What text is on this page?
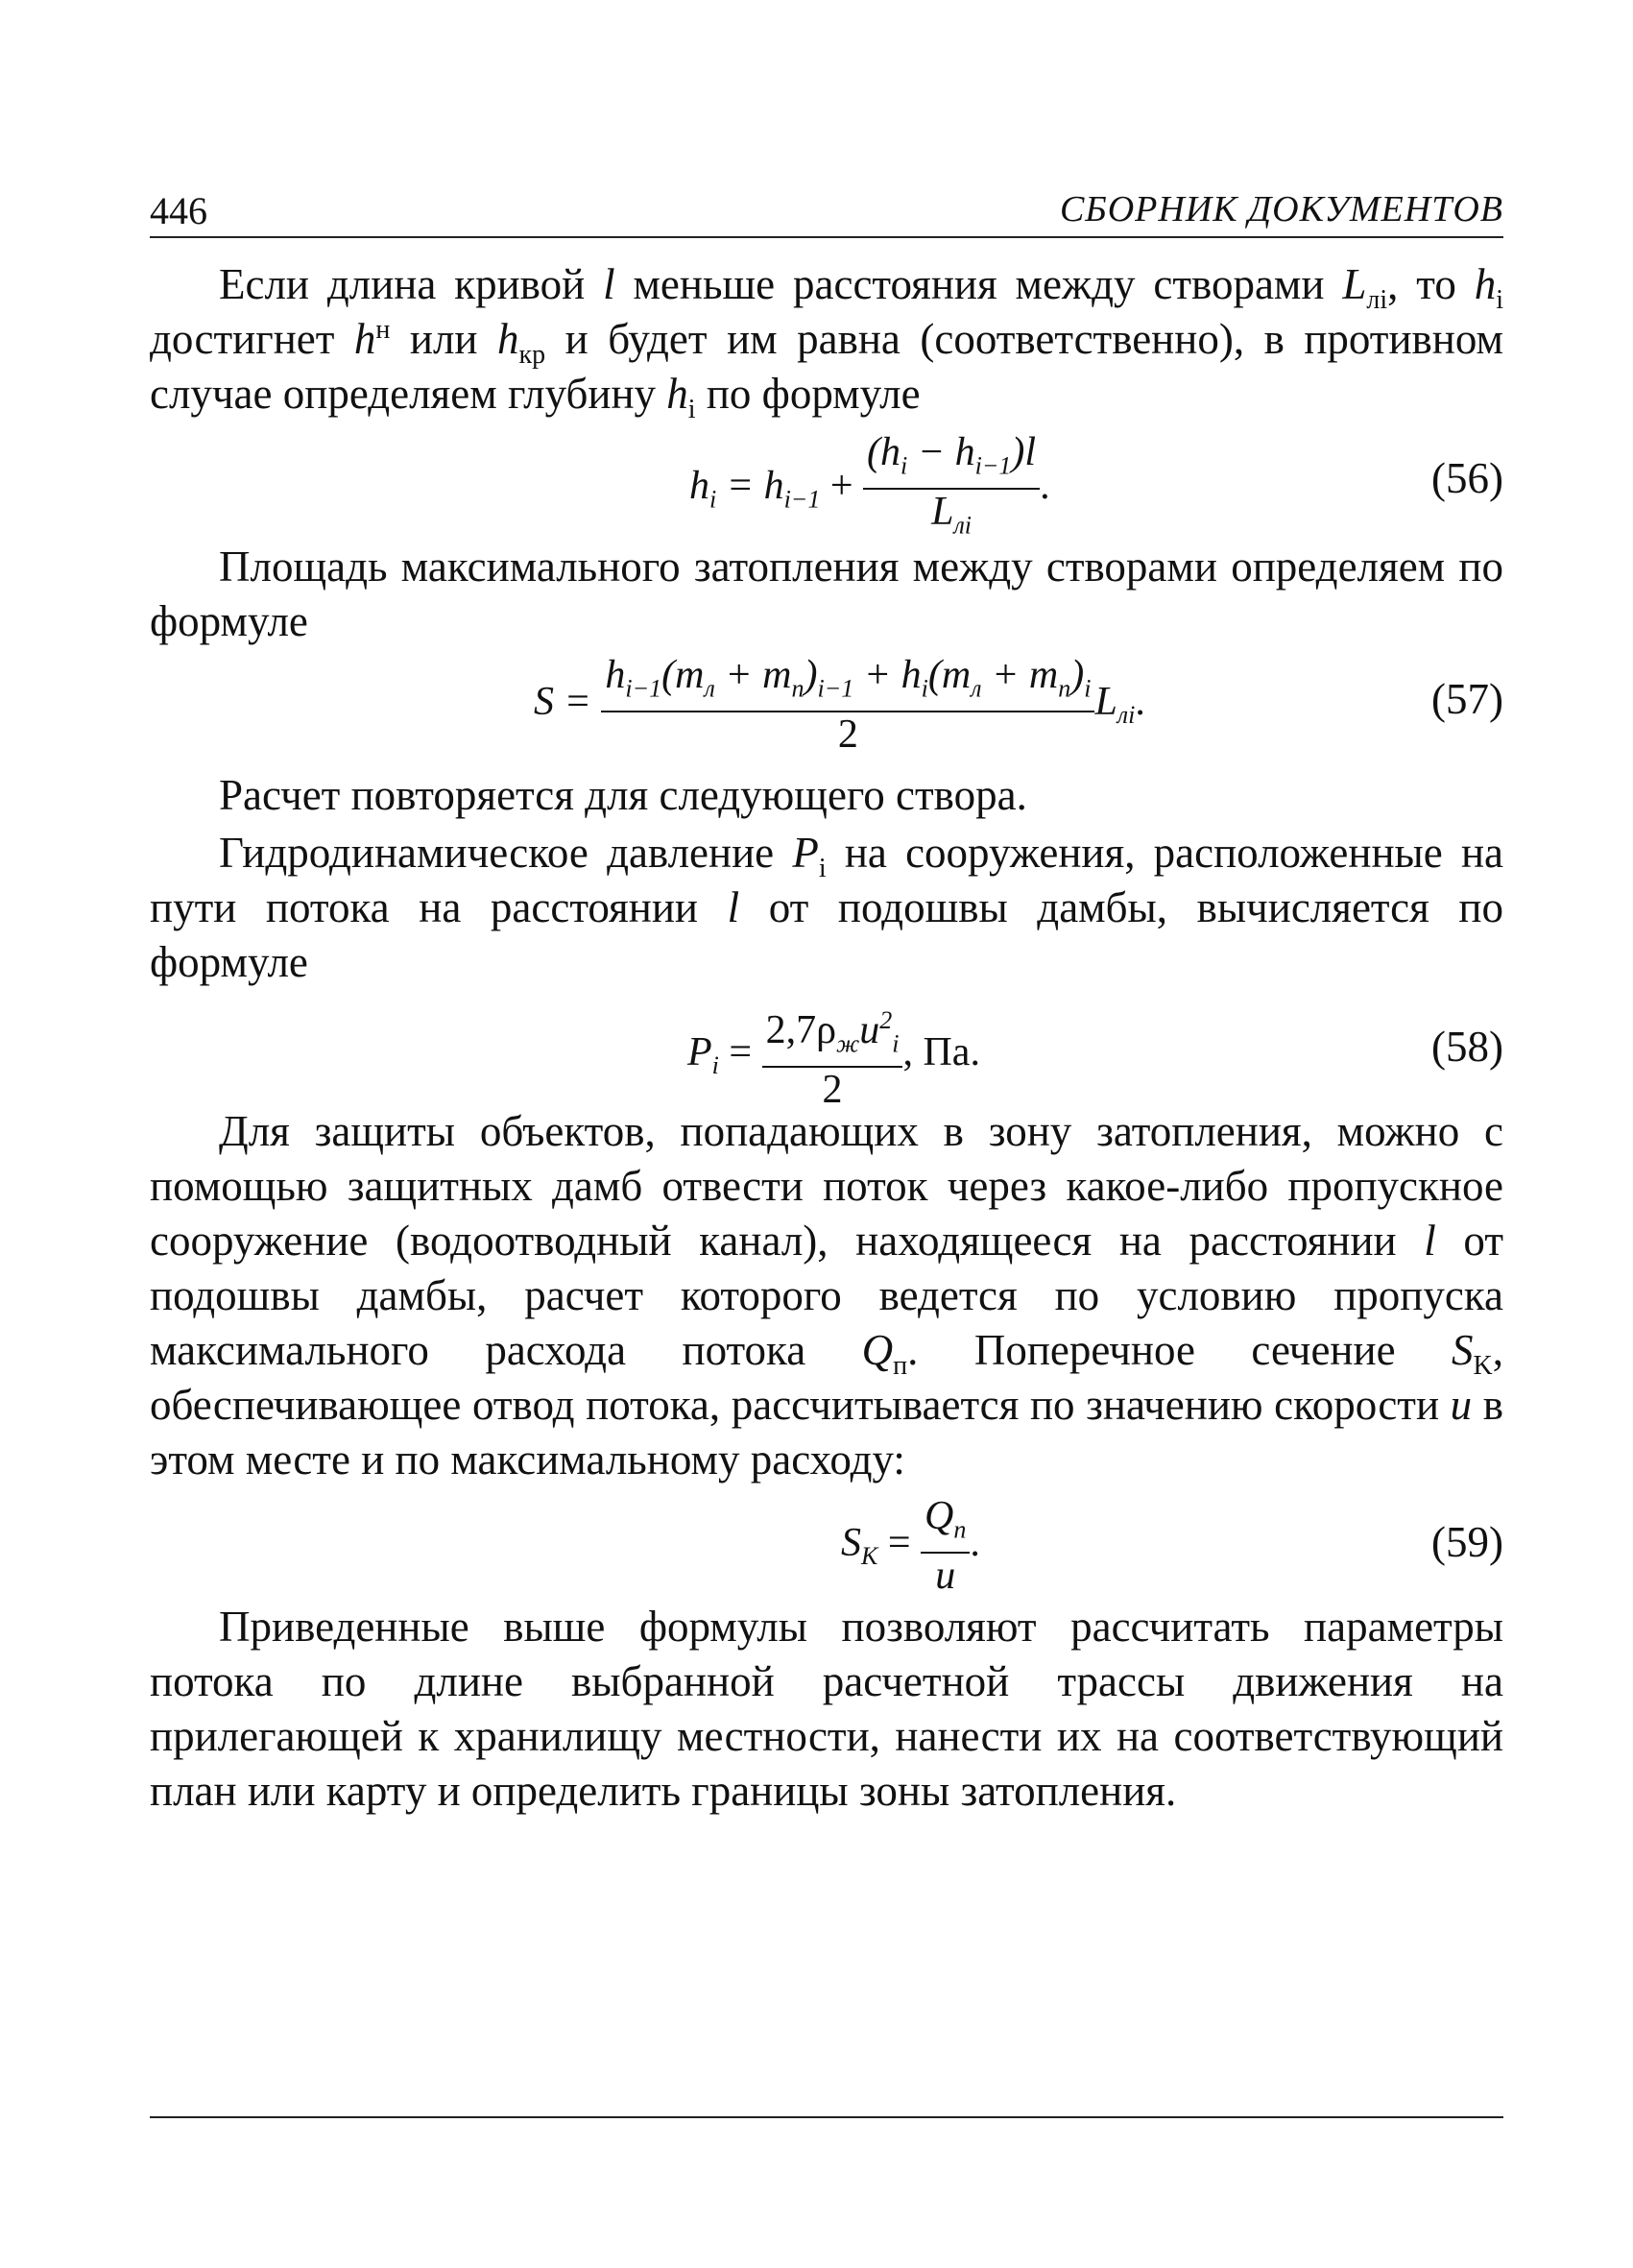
446	СБОРНИК ДОКУМЕНТОВ

Если длина кривой l меньше расстояния между створами $L_{лi}$, то $h_i$ достигнет $h^н$ или $h_{кр}$ и будет им равна (соответственно), в противном случае определяем глубину $h_i$ по формуле

$h_i = h_{i-1} + \frac{(h_i - h_{i-1})l}{L_{лi}}$ .	(56)

Площадь максимального затопления между створами определяем по формуле

$S = \frac{h_{i-1}(m_л + m_п)_{i-1} + h_i(m_л + m_п)_i}{2} L_{лi}$.	(57)

Расчет повторяется для следующего створа.

Гидродинамическое давление $P_i$ на сооружения, расположенные на пути потока на расстоянии l от подошвы дамбы, вычисляется по формуле

$P_i = \frac{2,7\rho_жu^2_i}{2}$ , Па.	(58)

Для защиты объектов, попадающих в зону затопления, можно с помощью защитных дамб отвести поток через какое-либо пропускное сооружение (водоотводный канал), находящееся на расстоянии l от подошвы дамбы, расчет которого ведется по условию пропуска максимального расхода потока $Q_п$. Поперечное сечение $S_K$, обеспечивающее отвод потока, рассчитывается по значению скорости u в этом месте и по максимальному расходу:

$S_K = \frac{Q_п}{u}$ .	(59)

Приведенные выше формулы позволяют рассчитать параметры потока по длине выбранной расчетной трассы движения на прилегающей к хранилищу местности, нанести их на соответствующий план или карту и определить границы зоны затопления.
